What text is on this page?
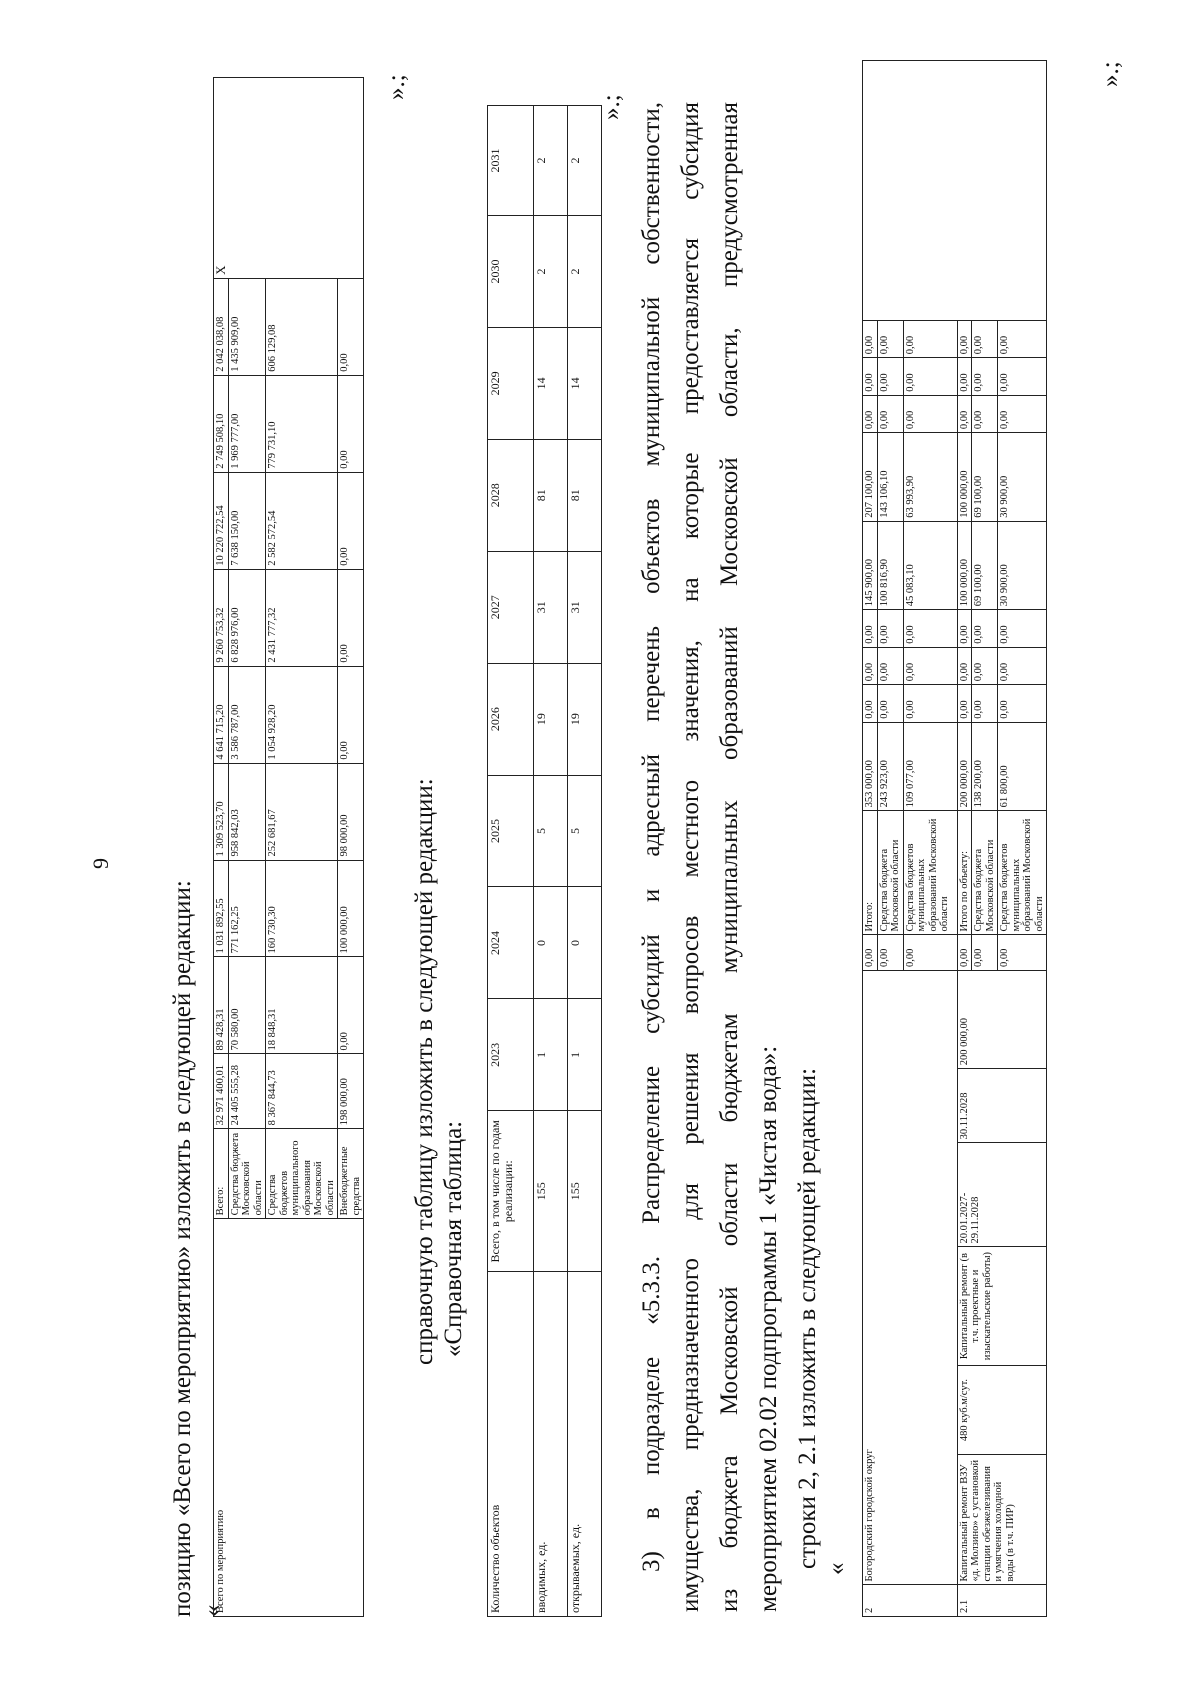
9
позицию «Всего по мероприятию» изложить в следующей редакции: «
Всего по мероприятию	Всего:	32 971 400,01	89 428,31	1 031 892,55	1 309 523,70	4 641 715,20	9 260 753,32	10 220 722,54	2 749 508,10	2 042 038,08	X
	Средства бюджета Московской области	24 405 555,28	70 580,00	771 162,25	958 842,03	3 586 787,00	6 828 976,00	7 638 150,00	1 969 777,00	1 435 909,00	
	Средства бюджетов муниципального образования Московской области	8 367 844,73	18 848,31	160 730,30	252 681,67	1 054 928,20	2 431 777,32	2 582 572,54	779 731,10	606 129,08	
	Внебюджетные средства	198 000,00	0,00	100 000,00	98 000,00	0,00	0,00	0,00	0,00	0,00	
».;
справочную таблицу изложить в следующей редакции: «Справочная таблица:
Количество объектов	Всего, в том числе по годам реализации:	2023	2024	2025	2026	2027	2028	2029	2030	2031
вводимых, ед.	155	1	0	5	19	31	81	14	2	2
открываемых, ед.	155	1	0	5	19	31	81	14	2	2
».; 3) в подразделе «5.3.3. Распределение субсидий и адресный перечень объектов муниципальной собственности, имущества, предназначенного для решения вопросов местного значения, на которые предоставляется субсидия из бюджета Московской области бюджетам муниципальных образований Московской области, предусмотренная мероприятием 02.02 подпрограммы 1 «Чистая вода»: строки 2, 2.1 изложить в следующей редакции: «
2	Богородский городской округ						0,00	Итого:	353 000,00	0,00	0,00	0,00	145 900,00	207 100,00	0,00	0,00	0,00	
							0,00	Средства бюджета Московской области	243 923,00	0,00	0,00	0,00	100 816,90	143 106,10	0,00	0,00	0,00	
							0,00	Средства бюджетов муниципальных образований Московской области	109 077,00	0,00	0,00	0,00	45 083,10	63 993,90	0,00	0,00	0,00	
2.1	Капитальный ремонт ВЗУ «д. Молзино» с установкой станции обезжелезивания и умягчения холодной воды (в т.ч. ПИР)	480 куб.м/сут.	Капитальный ремонт (в т.ч. проектные и изыскательские работы)	20.01.2027-29.11.2028	30.11.2028	200 000,00	0,00	Итого по объекту:	200 000,00	0,00	0,00	0,00	100 000,00	100 000,00	0,00	0,00	0,00	
							0,00	Средства бюджета Московской области	138 200,00	0,00	0,00	0,00	69 100,00	69 100,00	0,00	0,00	0,00	
							0,00	Средства бюджетов муниципальных образований Московской области	61 800,00	0,00	0,00	0,00	30 900,00	30 900,00	0,00	0,00	0,00	
».;
